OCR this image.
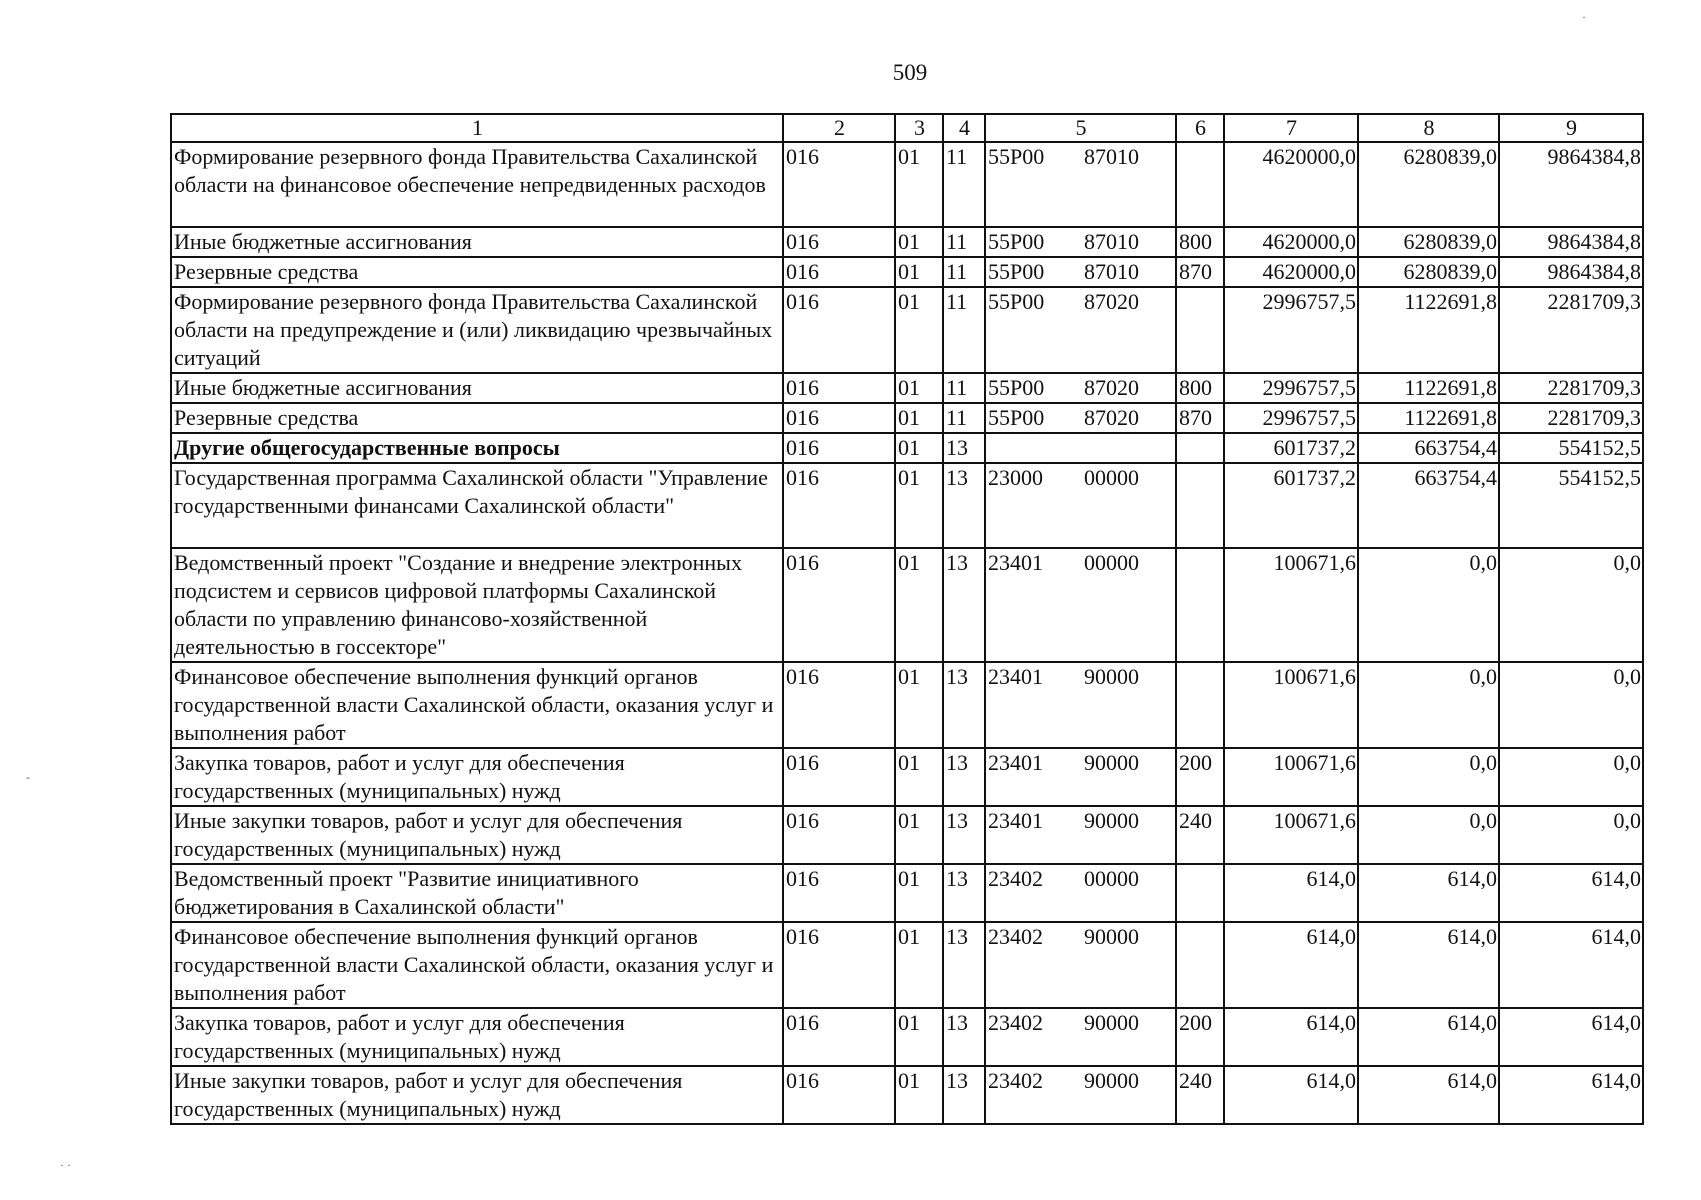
509
1	2	3	4	5	6	7	8	9
Формирование резервного фонда Правительства Сахалинской области на финансовое обеспечение непредвиденных расходов	016	01	11	55Р00 87010		4620000,0	6280839,0	9864384,8
Иные бюджетные ассигнования	016	01	11	55Р00 87010	800	4620000,0	6280839,0	9864384,8
Резервные средства	016	01	11	55Р00 87010	870	4620000,0	6280839,0	9864384,8
Формирование резервного фонда Правительства Сахалинской области на предупреждение и (или) ликвидацию чрезвычайных ситуаций	016	01	11	55Р00 87020		2996757,5	1122691,8	2281709,3
Иные бюджетные ассигнования	016	01	11	55Р00 87020	800	2996757,5	1122691,8	2281709,3
Резервные средства	016	01	11	55Р00 87020	870	2996757,5	1122691,8	2281709,3
Другие общегосударственные вопросы	016	01	13			601737,2	663754,4	554152,5
Государственная программа Сахалинской области "Управление государственными финансами Сахалинской области"	016	01	13	23000 00000		601737,2	663754,4	554152,5
Ведомственный проект "Создание и внедрение электронных подсистем и сервисов цифровой платформы Сахалинской области по управлению финансово-хозяйственной деятельностью в госсекторе"	016	01	13	23401 00000		100671,6	0,0	0,0
Финансовое обеспечение выполнения функций органов государственной власти Сахалинской области, оказания услуг и выполнения работ	016	01	13	23401 90000		100671,6	0,0	0,0
Закупка товаров, работ и услуг для обеспечения государственных (муниципальных) нужд	016	01	13	23401 90000	200	100671,6	0,0	0,0
Иные закупки товаров, работ и услуг для обеспечения государственных (муниципальных) нужд	016	01	13	23401 90000	240	100671,6	0,0	0,0
Ведомственный проект "Развитие инициативного бюджетирования в Сахалинской области"	016	01	13	23402 00000		614,0	614,0	614,0
Финансовое обеспечение выполнения функций органов государственной власти Сахалинской области, оказания услуг и выполнения работ	016	01	13	23402 90000		614,0	614,0	614,0
Закупка товаров, работ и услуг для обеспечения государственных (муниципальных) нужд	016	01	13	23402 90000	200	614,0	614,0	614,0
Иные закупки товаров, работ и услуг для обеспечения государственных (муниципальных) нужд	016	01	13	23402 90000	240	614,0	614,0	614,0
·
-
· ·
